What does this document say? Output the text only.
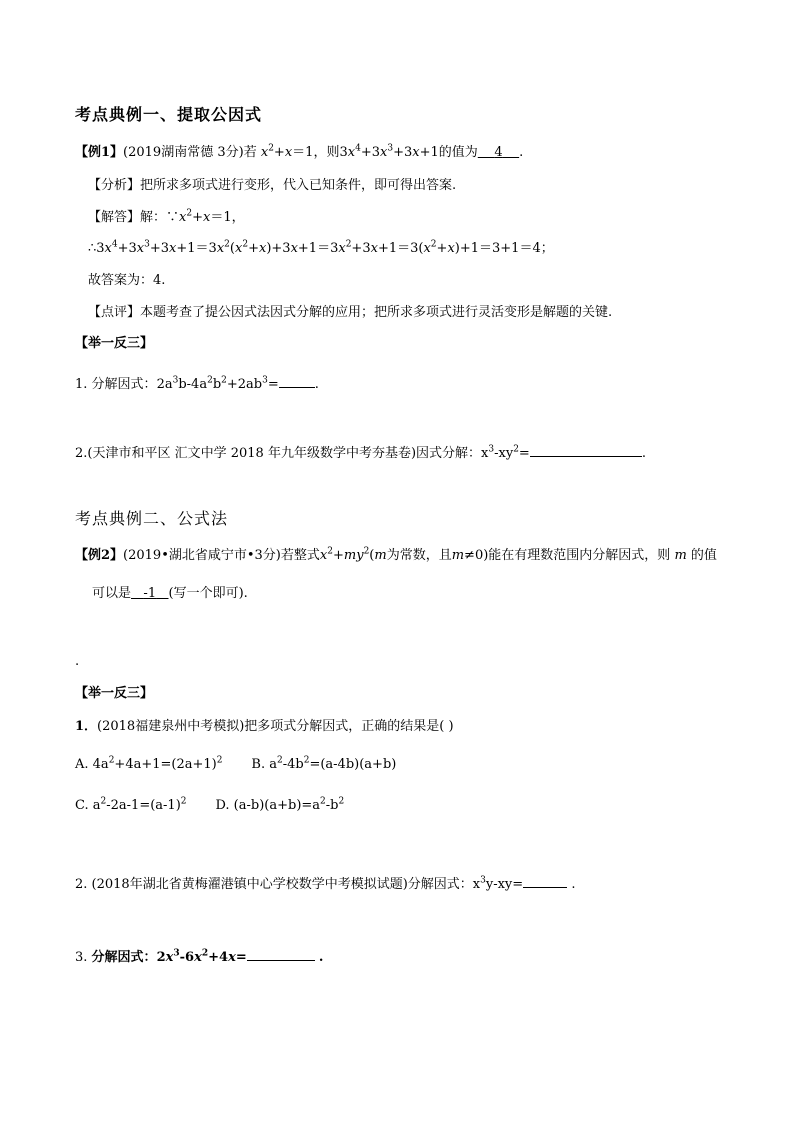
考点典例一、提取公因式
【例1】(2019湖南常德 3分)若 $x^2+x=1$，则$3x^4+3x^3+3x+1$的值为 4 .
【分析】把所求多项式进行变形，代入已知条件，即可得出答案.
【解答】解：$\because x^2+x=1$，
$\therefore 3x^4+3x^3+3x+1=3x^2(x^2+x)+3x+1=3x^2+3x+1=3(x^2+x)+1=3+1=4$；
故答案为：4.
【点评】本题考查了提公因式法因式分解的应用；把所求多项式进行灵活变形是解题的关键.
【举一反三】
1. 分解因式：$2a^3b-4a^2b^2+2ab^3=$	.
2.(天津市和平区 汇文中学 2018 年九年级数学中考夯基卷)因式分解：$x^3-xy^2=$	.
考点典例二、公式法
【例2】(2019•湖北省咸宁市•3分)若整式$x^2+my^2(m$为常数，且m≠0)能在有理数范围内分解因式，则 m 的值
可以是 -1 (写一个即可).
.
【举一反三】
1．(2018福建泉州中考模拟)把多项式分解因式，正确的结果是( )
A. $4a^2+4a+1=(2a+1)^2$ B. $a^2-4b^2=(a-4b)(a+b)$
C. $a^2-2a-1=(a-1)^2$ D. $(a-b)(a+b)=a^2-b^2$
2. (2018年湖北省黄梅濯港镇中心学校数学中考模拟试题)分解因式：$x^3y-xy=$	.
3. 分解因式：$2x^3-6x^2+4x=$	.
